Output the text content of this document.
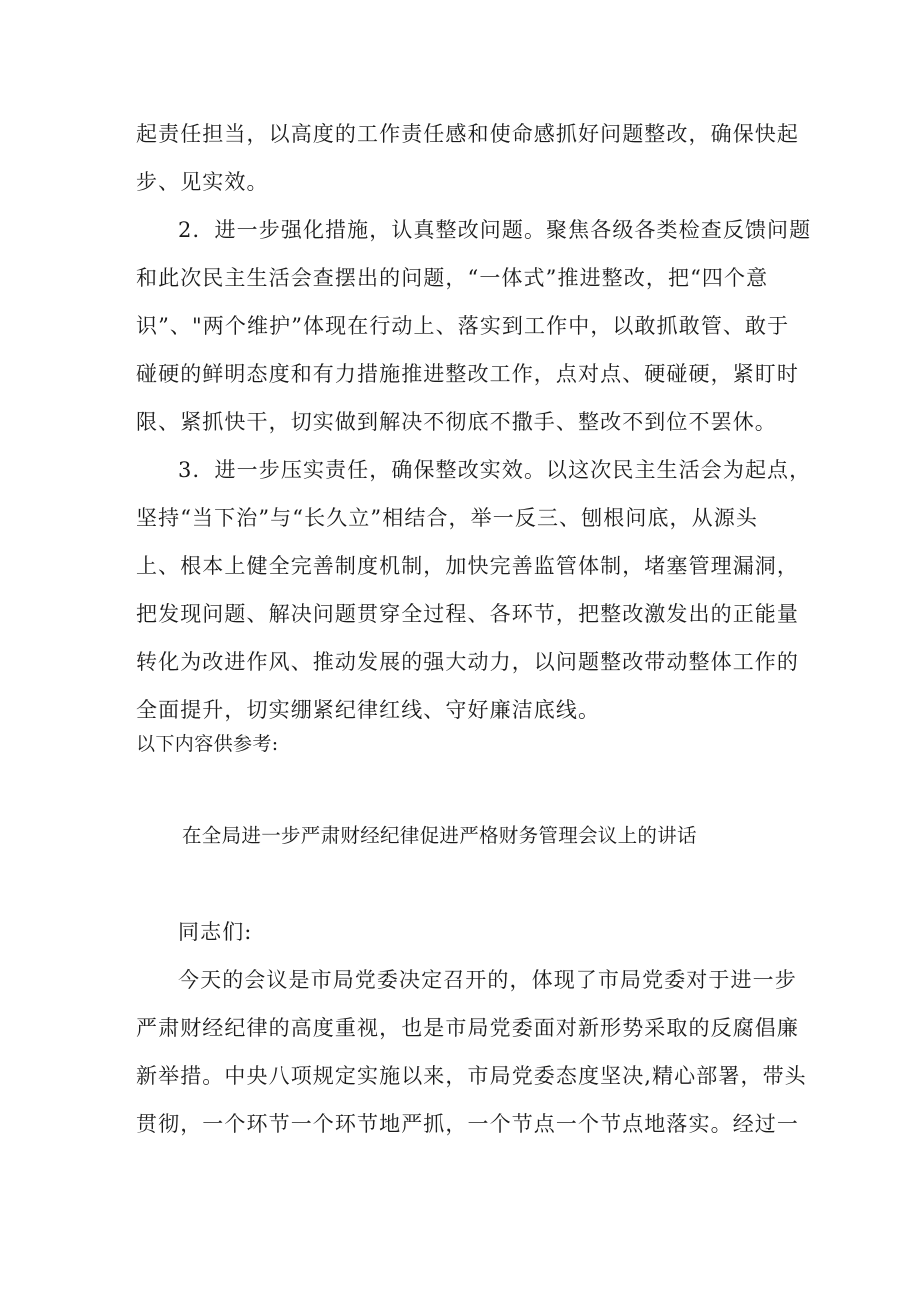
起责任担当，以高度的工作责任感和使命感抓好问题整改，确保快起
步、见实效。
2．进一步强化措施，认真整改问题。聚焦各级各类检查反馈问题
和此次民主生活会查摆出的问题，“一体式”推进整改，把“四个意
识”、"两个维护”体现在行动上、落实到工作中，以敢抓敢管、敢于
碰硬的鲜明态度和有力措施推进整改工作，点对点、硬碰硬，紧盯时
限、紧抓快干，切实做到解决不彻底不撒手、整改不到位不罢休。
3．进一步压实责任，确保整改实效。以这次民主生活会为起点，
坚持“当下治”与“长久立”相结合，举一反三、刨根问底，从源头
上、根本上健全完善制度机制，加快完善监管体制，堵塞管理漏洞，
把发现问题、解决问题贯穿全过程、各环节，把整改激发出的正能量
转化为改进作风、推动发展的强大动力，以问题整改带动整体工作的
全面提升，切实绷紧纪律红线、守好廉洁底线。
以下内容供参考:
在全局进一步严肃财经纪律促进严格财务管理会议上的讲话
同志们:
今天的会议是市局党委决定召开的，体现了市局党委对于进一步
严肃财经纪律的高度重视，也是市局党委面对新形势采取的反腐倡廉
新举措。中央八项规定实施以来，市局党委态度坚决,精心部署，带头
贯彻，一个环节一个环节地严抓，一个节点一个节点地落实。经过一
